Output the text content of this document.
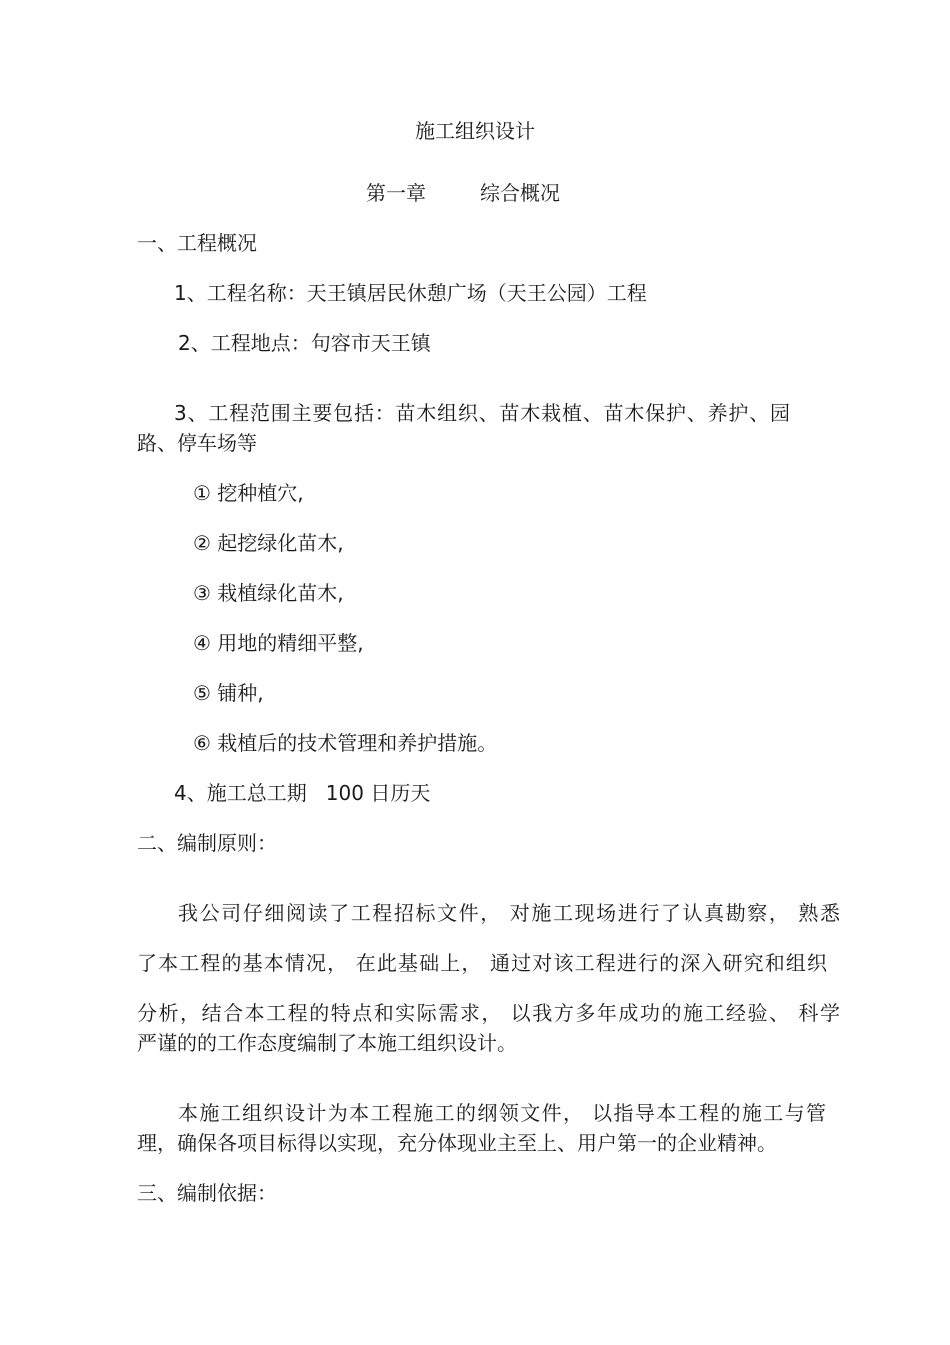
施工组织设计

第一章	综合概况

一、工程概况

1、工程名称：天王镇居民休憩广场（天王公园）工程

2、工程地点：句容市天王镇

3、工程范围主要包括：苗木组织、苗木栽植、苗木保护、养护、园

路、停车场等

① 挖种植穴,

② 起挖绿化苗木,

③ 栽植绿化苗木,

④ 用地的精细平整,

⑤ 铺种,

⑥ 栽植后的技术管理和养护措施。

4、施工总工期   100 日历天

二、编制原则：

我公司仔细阅读了工程招标文件， 对施工现场进行了认真勘察， 熟悉

了本工程的基本情况， 在此基础上， 通过对该工程进行的深入研究和组织

分析，结合本工程的特点和实际需求， 以我方多年成功的施工经验、 科学

严谨的的工作态度编制了本施工组织设计。

本施工组织设计为本工程施工的纲领文件， 以指导本工程的施工与管

理，确保各项目标得以实现，充分体现业主至上、用户第一的企业精神。

三、编制依据：
